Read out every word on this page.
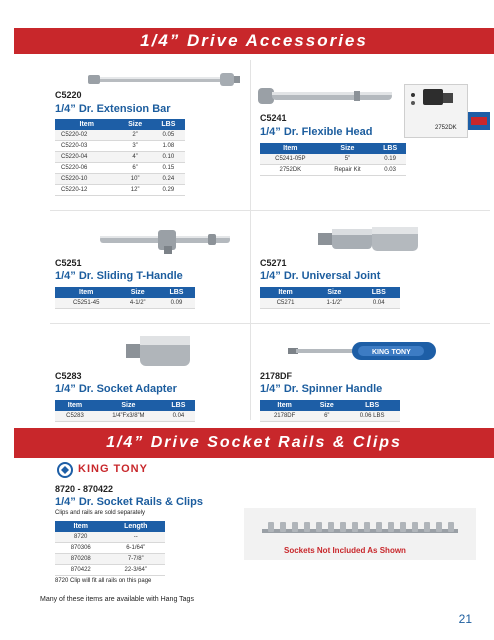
1/4” Drive Accessories
C5220
1/4” Dr. Extension Bar
Item	Size	LBS
C5220-02	2”	0.05
C5220-03	3”	1.08
C5220-04	4”	0.10
C5220-06	6”	0.15
C5220-10	10”	0.24
C5220-12	12”	0.29
2752DK
C5241
1/4” Dr. Flexible Head
Item	Size	LBS
C5241-05P	5”	0.19
2752DK	Repair Kit	0.03
C5251
1/4” Dr. Sliding T-Handle
Item	Size	LBS
C5251-45	4-1/2”	0.09
C5271
1/4” Dr. Universal Joint
Item	Size	LBS
C5271	1-1/2”	0.04
C5283
1/4” Dr. Socket Adapter
Item	Size	LBS
C5283	1/4”Fx3/8”M	0.04
KING TONY
2178DF
1/4” Dr. Spinner Handle
Item	Size	LBS
2178DF	6”	0.06 LBS
1/4” Drive Socket Rails & Clips
KING TONY
8720 - 870422
1/4” Dr. Socket Rails & Clips
Clips and rails are sold separately
Item	Length
8720	--
870306	6-1/64”
870208	7-7/8”
870422	22-3/64”
8720 Clip will fit all rails on this page
Sockets Not Included As Shown
Many of these items are available with Hang Tags
21
